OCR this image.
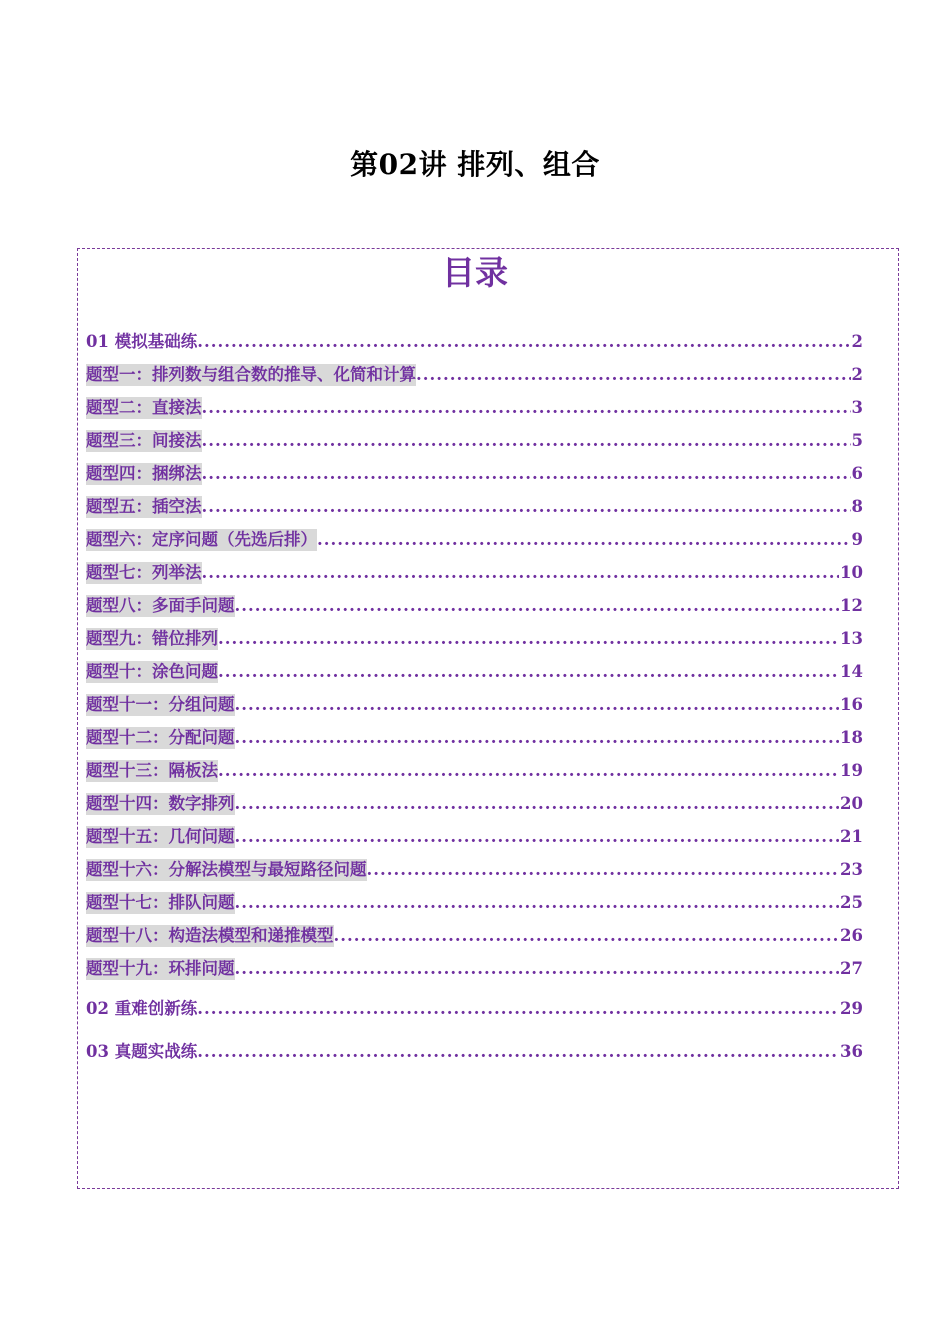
第02讲 排列、组合
目录
01 模拟基础练 .....	2
题型一：排列数与组合数的推导、化简和计算 .....	2
题型二：直接法 .....	3
题型三：间接法 .....	5
题型四：捆绑法 .....	6
题型五：插空法 .....	8
题型六：定序问题（先选后排） .....	9
题型七：列举法 .....	10
题型八：多面手问题 .....	12
题型九：错位排列 .....	13
题型十：涂色问题 .....	14
题型十一：分组问题 .....	16
题型十二：分配问题 .....	18
题型十三：隔板法 .....	19
题型十四：数字排列 .....	20
题型十五：几何问题 .....	21
题型十六：分解法模型与最短路径问题 .....	23
题型十七：排队问题 .....	25
题型十八：构造法模型和递推模型 .....	26
题型十九：环排问题 .....	27
02 重难创新练 .....	29
03 真题实战练 .....	36
